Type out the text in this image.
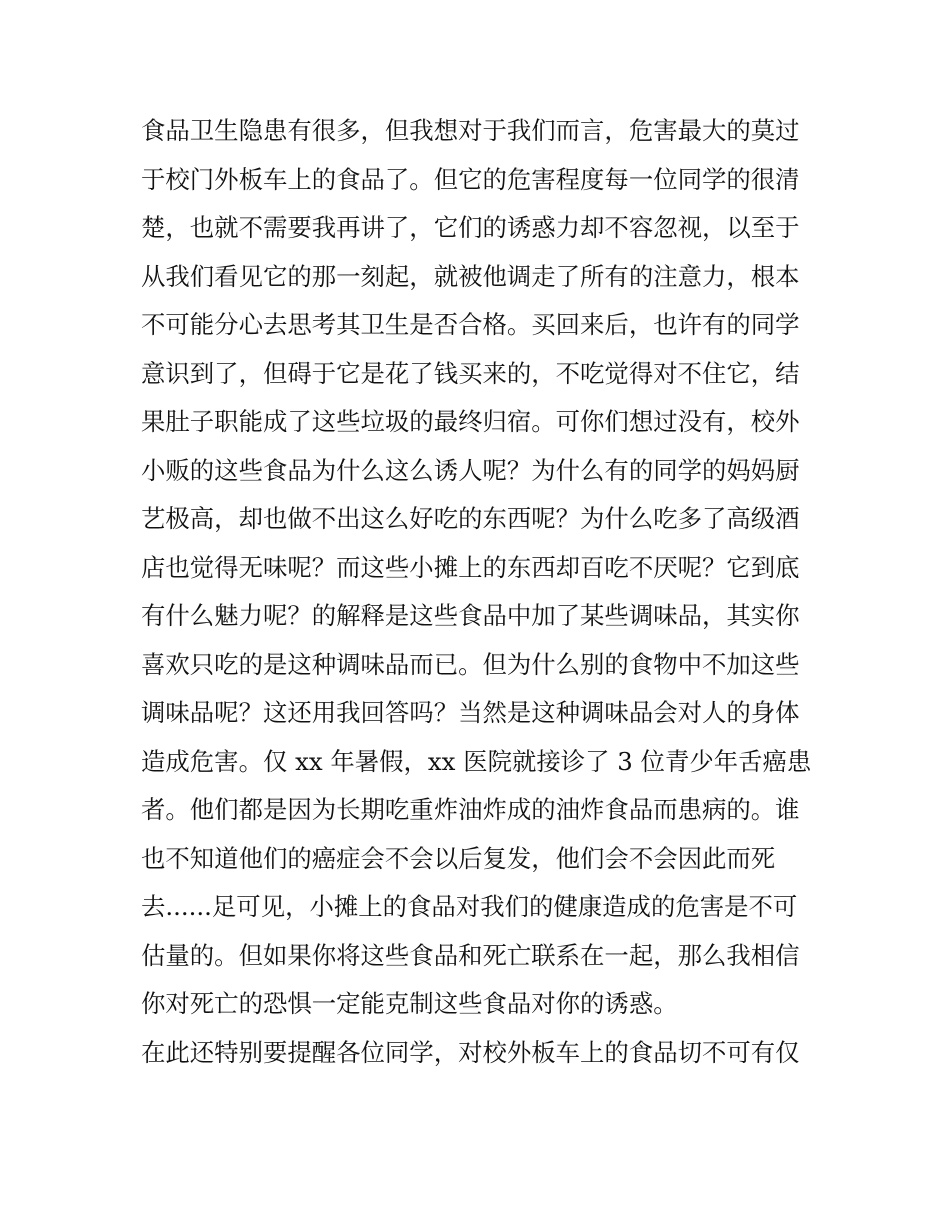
食品卫生隐患有很多，但我想对于我们而言，危害最大的莫过
于校门外板车上的食品了。但它的危害程度每一位同学的很清
楚，也就不需要我再讲了，它们的诱惑力却不容忽视，以至于
从我们看见它的那一刻起，就被他调走了所有的注意力，根本
不可能分心去思考其卫生是否合格。买回来后，也许有的同学
意识到了，但碍于它是花了钱买来的，不吃觉得对不住它，结
果肚子职能成了这些垃圾的最终归宿。可你们想过没有，校外
小贩的这些食品为什么这么诱人呢？为什么有的同学的妈妈厨
艺极高，却也做不出这么好吃的东西呢？为什么吃多了高级酒
店也觉得无味呢？而这些小摊上的东西却百吃不厌呢？它到底
有什么魅力呢？的解释是这些食品中加了某些调味品，其实你
喜欢只吃的是这种调味品而已。但为什么别的食物中不加这些
调味品呢？这还用我回答吗？当然是这种调味品会对人的身体
造成危害。仅 xx 年暑假，xx 医院就接诊了 3 位青少年舌癌患
者。他们都是因为长期吃重炸油炸成的油炸食品而患病的。谁
也不知道他们的癌症会不会以后复发，他们会不会因此而死
去......足可见，小摊上的食品对我们的健康造成的危害是不可
估量的。但如果你将这些食品和死亡联系在一起，那么我相信
你对死亡的恐惧一定能克制这些食品对你的诱惑。
在此还特别要提醒各位同学，对校外板车上的食品切不可有仅
